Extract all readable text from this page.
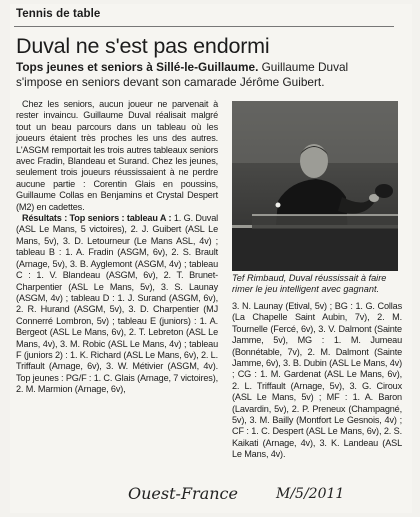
Tennis de table
Duval ne s'est pas endormi

Tops jeunes et seniors à Sillé-le-Guillaume. Guillaume Duval s'impose en seniors devant son camarade Jérôme Guibert.

Chez les seniors, aucun joueur ne parvenait à rester invaincu. Guillaume Duval réalisait malgré tout un beau parcours dans un tableau où les joueurs étaient très proches les uns des autres. L'ASGM remportait les trois autres tableaux seniors avec Fradin, Blandeau et Surand. Chez les jeunes, seulement trois joueurs réussissaient à ne perdre aucune partie : Corentin Glais en poussins, Guillaume Collas en Benjamins et Crystal Despert (M2) en cadettes.

Résultats : Top seniors : tableau A : 1. G. Duval (ASL Le Mans, 5 victoires), 2. J. Guibert (ASL Le Mans, 5v), 3. D. Letourneur (Le Mans ASL, 4v) ; tableau B : 1. A. Fradin (ASGM, 6v), 2. S. Brault (Arnage, 5v), 3. B. Ayglemont (ASGM, 4v) ; tableau C : 1. V. Blandeau (ASGM, 6v), 2. T. Brunet-Charpentier (ASL Le Mans, 5v), 3. S. Launay (ASGM, 4v) ; tableau D : 1. J. Surand (ASGM, 6v), 2. R. Hurand (ASGM, 5v), 3. D. Charpentier (MJ Connerré Lombron, 5v) ; tableau E (juniors) : 1. A. Bergeot (ASL Le Mans, 6v), 2. T. Lebreton (ASL Le Mans, 4v), 3. M. Robic (ASL Le Mans, 4v) ; tableau F (juniors 2) : 1. K. Richard (ASL Le Mans, 6v), 2. L. Triffault (Arnage, 6v), 3. W. Métivier (ASGM, 4v). Top jeunes : PG/F : 1. C. Glais (Arnage, 7 victoires), 2. M. Marmion (Arnage, 6v),

Tef Rimbaud, Duval réussissait à faire rimer le jeu intelligent avec gagnant.

3. N. Launay (Etival, 5v) ; BG : 1. G. Collas (La Chapelle Saint Aubin, 7v), 2. M. Tournelle (Fercé, 6v), 3. V. Dalmont (Sainte Jamme, 5v), MG : 1. M. Jumeau (Bonnétable, 7v), 2. M. Dalmont (Sainte Jamme, 6v), 3. B. Dubin (ASL Le Mans, 4v) ; CG : 1. M. Gardenat (ASL Le Mans, 6v), 2. L. Triffault (Arnage, 5v), 3. G. Ciroux (ASL Le Mans, 5v) ; MF : 1. A. Baron (Lavardin, 5v), 2. P. Preneux (Champagné, 5v), 3. M. Bailly (Montfort Le Gesnois, 4v) ; CF : 1. C. Despert (ASL Le Mans, 6v), 2. S. Kaikati (Arnage, 4v), 3. K. Landeau (ASL Le Mans, 4v).

Ouest-France	M/5/2011
